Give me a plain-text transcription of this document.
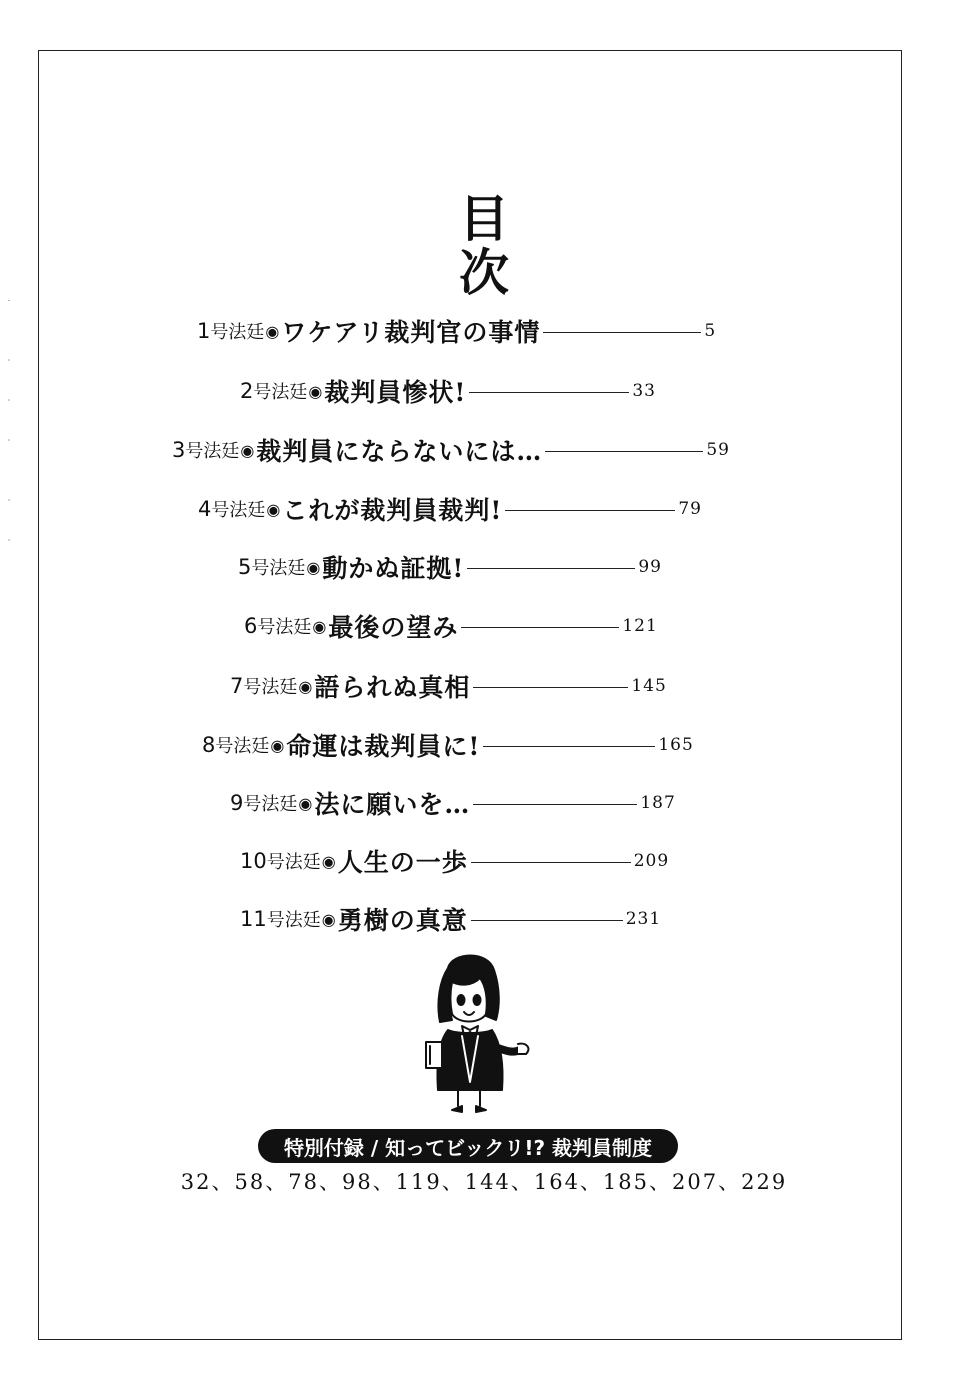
目
次
1 号法廷 ◉ ワケアリ裁判官の事情	5
2 号法廷 ◉ 裁判員惨状!	33
3 号法廷 ◉ 裁判員にならないには…	59
4 号法廷 ◉ これが裁判員裁判!	79
5 号法廷 ◉ 動かぬ証拠!	99
6 号法廷 ◉ 最後の望み	121
7 号法廷 ◉ 語られぬ真相	145
8 号法廷 ◉ 命運は裁判員に!	165
9 号法廷 ◉ 法に願いを…	187
10 号法廷 ◉ 人生の一歩	209
11 号法廷 ◉ 勇樹の真意	231
特別付録 / 知ってビックリ!? 裁判員制度
32、58、78、98、119、144、164、185、207、229
